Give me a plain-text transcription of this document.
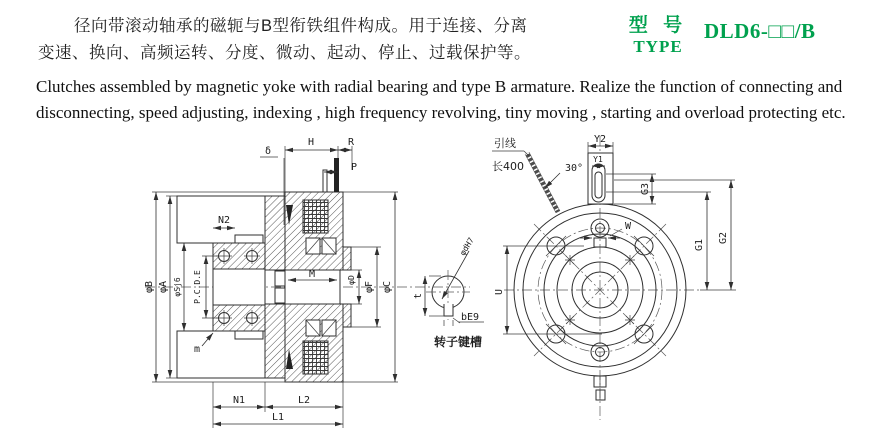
径向带滚动轴承的磁轭与B型衔铁组件构成。用于连接、分离
变速、换向、高频运转、分度、微动、起动、停止、过载保护等。
型 号
TYPE
DLD6-□□/B
Clutches assembled by magnetic yoke with radial bearing and type B armature. Realize the function of connecting and
disconnecting, speed adjusting, indexing , high frequency revolving, tiny moving , starting and overload protecting etc.
φB φA φSj6 P.C.D.E
H	R
δ
P
N2
M	φD
φF φC
N1	L2
L1
m
t
φdH7
bE9
转子键槽
引线
长400	30°
Y2
Y1
G3
G1
G2
U
W
